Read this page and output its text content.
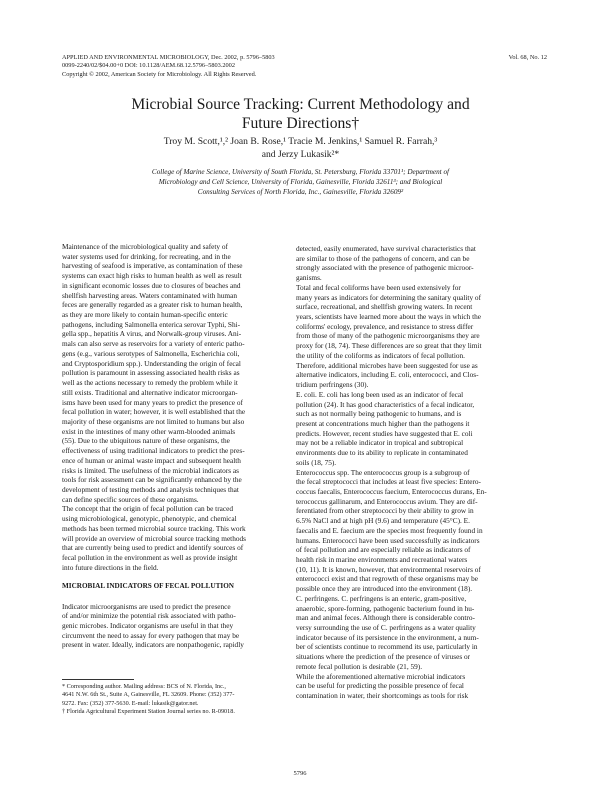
APPLIED AND ENVIRONMENTAL MICROBIOLOGY, Dec. 2002, p. 5796–5803
0099-2240/02/$04.00+0 DOI: 10.1128/AEM.68.12.5796–5803.2002
Copyright © 2002, American Society for Microbiology. All Rights Reserved.
Vol. 68, No. 12
Microbial Source Tracking: Current Methodology and
Future Directions†
Troy M. Scott,¹,² Joan B. Rose,¹ Tracie M. Jenkins,¹ Samuel R. Farrah,³
and Jerzy Lukasik²*
College of Marine Science, University of South Florida, St. Petersburg, Florida 33701¹; Department of
Microbiology and Cell Science, University of Florida, Gainesville, Florida 32611³; and Biological
Consulting Services of North Florida, Inc., Gainesville, Florida 32609²
Maintenance of the microbiological quality and safety of
water systems used for drinking, for recreating, and in the
harvesting of seafood is imperative, as contamination of these
systems can exact high risks to human health as well as result
in significant economic losses due to closures of beaches and
shellfish harvesting areas. Waters contaminated with human
feces are generally regarded as a greater risk to human health,
as they are more likely to contain human-specific enteric
pathogens, including Salmonella enterica serovar Typhi, Shi-
gella spp., hepatitis A virus, and Norwalk-group viruses. Ani-
mals can also serve as reservoirs for a variety of enteric patho-
gens (e.g., various serotypes of Salmonella, Escherichia coli,
and Cryptosporidium spp.). Understanding the origin of fecal
pollution is paramount in assessing associated health risks as
well as the actions necessary to remedy the problem while it
still exists. Traditional and alternative indicator microorgan-
isms have been used for many years to predict the presence of
fecal pollution in water; however, it is well established that the
majority of these organisms are not limited to humans but also
exist in the intestines of many other warm-blooded animals
(55). Due to the ubiquitous nature of these organisms, the
effectiveness of using traditional indicators to predict the pres-
ence of human or animal waste impact and subsequent health
risks is limited. The usefulness of the microbial indicators as
tools for risk assessment can be significantly enhanced by the
development of testing methods and analysis techniques that
can define specific sources of these organisms.
The concept that the origin of fecal pollution can be traced
using microbiological, genotypic, phenotypic, and chemical
methods has been termed microbial source tracking. This work
will provide an overview of microbial source tracking methods
that are currently being used to predict and identify sources of
fecal pollution in the environment as well as provide insight
into future directions in the field.
MICROBIAL INDICATORS OF FECAL POLLUTION
Indicator microorganisms are used to predict the presence
of and/or minimize the potential risk associated with patho-
genic microbes. Indicator organisms are useful in that they
circumvent the need to assay for every pathogen that may be
present in water. Ideally, indicators are nonpathogenic, rapidly
detected, easily enumerated, have survival characteristics that
are similar to those of the pathogens of concern, and can be
strongly associated with the presence of pathogenic microor-
ganisms.
Total and fecal coliforms have been used extensively for
many years as indicators for determining the sanitary quality of
surface, recreational, and shellfish growing waters. In recent
years, scientists have learned more about the ways in which the
coliforms' ecology, prevalence, and resistance to stress differ
from those of many of the pathogenic microorganisms they are
proxy for (18, 74). These differences are so great that they limit
the utility of the coliforms as indicators of fecal pollution.
Therefore, additional microbes have been suggested for use as
alternative indicators, including E. coli, enterococci, and Clos-
tridium perfringens (30).
E. coli. E. coli has long been used as an indicator of fecal
pollution (24). It has good characteristics of a fecal indicator,
such as not normally being pathogenic to humans, and is
present at concentrations much higher than the pathogens it
predicts. However, recent studies have suggested that E. coli
may not be a reliable indicator in tropical and subtropical
environments due to its ability to replicate in contaminated
soils (18, 75).
Enterococcus spp. The enterococcus group is a subgroup of
the fecal streptococci that includes at least five species: Entero-
coccus faecalis, Enterococcus faecium, Enterococcus durans, En-
terococcus gallinarum, and Enterococcus avium. They are dif-
ferentiated from other streptococci by their ability to grow in
6.5% NaCl and at high pH (9.6) and temperature (45°C). E.
faecalis and E. faecium are the species most frequently found in
humans. Enterococci have been used successfully as indicators
of fecal pollution and are especially reliable as indicators of
health risk in marine environments and recreational waters
(10, 11). It is known, however, that environmental reservoirs of
enterococci exist and that regrowth of these organisms may be
possible once they are introduced into the environment (18).
C. perfringens. C. perfringens is an enteric, gram-positive,
anaerobic, spore-forming, pathogenic bacterium found in hu-
man and animal feces. Although there is considerable contro-
versy surrounding the use of C. perfringens as a water quality
indicator because of its persistence in the environment, a num-
ber of scientists continue to recommend its use, particularly in
situations where the prediction of the presence of viruses or
remote fecal pollution is desirable (21, 59).
While the aforementioned alternative microbial indicators
can be useful for predicting the possible presence of fecal
contamination in water, their shortcomings as tools for risk
* Corresponding author. Mailing address: BCS of N. Florida, Inc.,
4641 N.W. 6th St., Suite A, Gainesville, FL 32609. Phone: (352) 377-
9272. Fax: (352) 377-5630. E-mail: lukasik@gator.net.
† Florida Agricultural Experiment Station Journal series no. R-09018.
5796
